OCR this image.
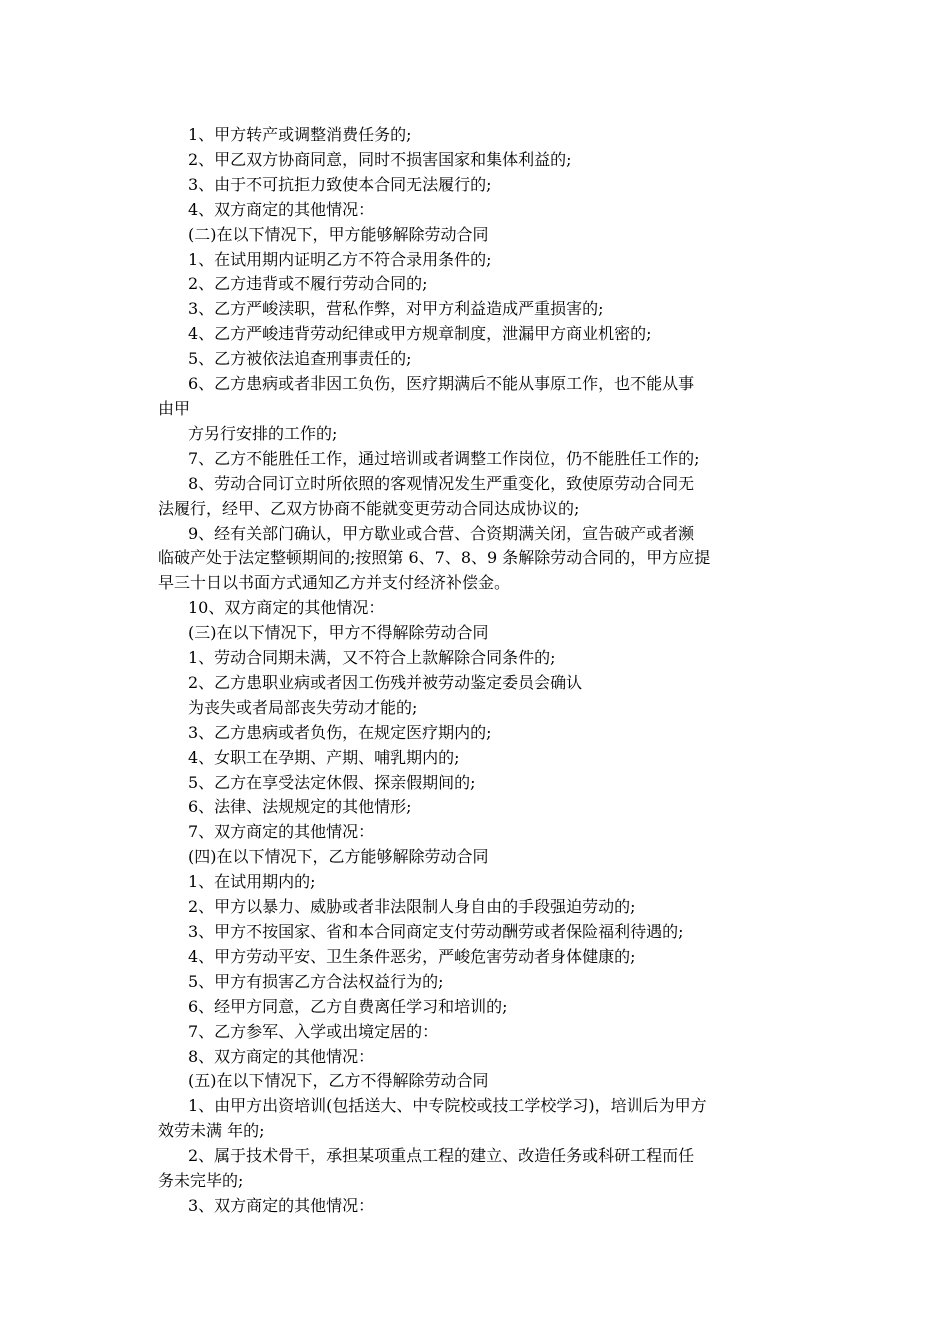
1、甲方转产或调整消费任务的;

2、甲乙双方协商同意，同时不损害国家和集体利益的;

3、由于不可抗拒力致使本合同无法履行的;

4、双方商定的其他情况：

(二)在以下情况下，甲方能够解除劳动合同

1、在试用期内证明乙方不符合录用条件的;

2、乙方违背或不履行劳动合同的;

3、乙方严峻渎职，营私作弊，对甲方利益造成严重损害的;

4、乙方严峻违背劳动纪律或甲方规章制度，泄漏甲方商业机密的;

5、乙方被依法追查刑事责任的;

6、乙方患病或者非因工负伤，医疗期满后不能从事原工作，也不能从事

由甲

方另行安排的工作的;

7、乙方不能胜任工作，通过培训或者调整工作岗位，仍不能胜任工作的;

8、劳动合同订立时所依照的客观情况发生严重变化，致使原劳动合同无

法履行，经甲、乙双方协商不能就变更劳动合同达成协议的;

9、经有关部门确认，甲方歇业或合营、合资期满关闭，宣告破产或者濒

临破产处于法定整顿期间的;按照第 6、7、8、9 条解除劳动合同的，甲方应提

早三十日以书面方式通知乙方并支付经济补偿金。

10、双方商定的其他情况：

(三)在以下情况下，甲方不得解除劳动合同

1、劳动合同期未满，又不符合上款解除合同条件的;

2、乙方患职业病或者因工伤残并被劳动鉴定委员会确认

为丧失或者局部丧失劳动才能的;

3、乙方患病或者负伤，在规定医疗期内的;

4、女职工在孕期、产期、哺乳期内的;

5、乙方在享受法定休假、探亲假期间的;

6、法律、法规规定的其他情形;

7、双方商定的其他情况：

(四)在以下情况下，乙方能够解除劳动合同

1、在试用期内的;

2、甲方以暴力、威胁或者非法限制人身自由的手段强迫劳动的;

3、甲方不按国家、省和本合同商定支付劳动酬劳或者保险福利待遇的;

4、甲方劳动平安、卫生条件恶劣，严峻危害劳动者身体健康的;

5、甲方有损害乙方合法权益行为的;

6、经甲方同意，乙方自费离任学习和培训的;

7、乙方参军、入学或出境定居的：

8、双方商定的其他情况：

(五)在以下情况下，乙方不得解除劳动合同

1、由甲方出资培训(包括送大、中专院校或技工学校学习)，培训后为甲方

效劳未满 年的;

2、属于技术骨干，承担某项重点工程的建立、改造任务或科研工程而任

务未完毕的;

3、双方商定的其他情况：
